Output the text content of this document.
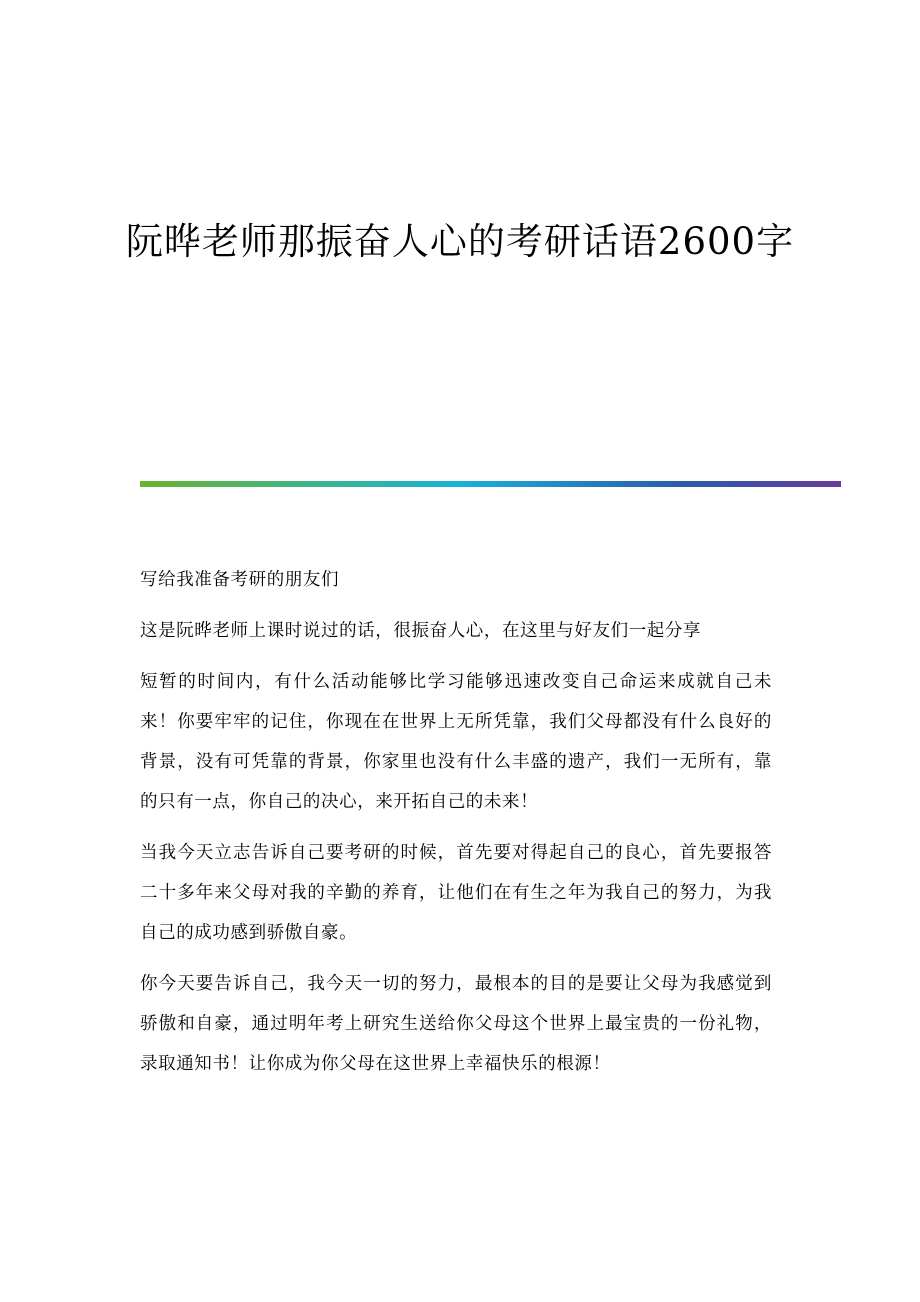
阮晔老师那振奋人心的考研话语2600字

写给我准备考研的朋友们

这是阮晔老师上课时说过的话，很振奋人心，在这里与好友们一起分享

短暂的时间内，有什么活动能够比学习能够迅速改变自己命运来成就自己未来！你要牢牢的记住，你现在在世界上无所凭靠，我们父母都没有什么良好的背景，没有可凭靠的背景，你家里也没有什么丰盛的遗产，我们一无所有，靠的只有一点，你自己的决心，来开拓自己的未来！

当我今天立志告诉自己要考研的时候，首先要对得起自己的良心，首先要报答二十多年来父母对我的辛勤的养育，让他们在有生之年为我自己的努力，为我自己的成功感到骄傲自豪。

你今天要告诉自己，我今天一切的努力，最根本的目的是要让父母为我感觉到骄傲和自豪，通过明年考上研究生送给你父母这个世界上最宝贵的一份礼物，录取通知书！让你成为你父母在这世界上幸福快乐的根源！
